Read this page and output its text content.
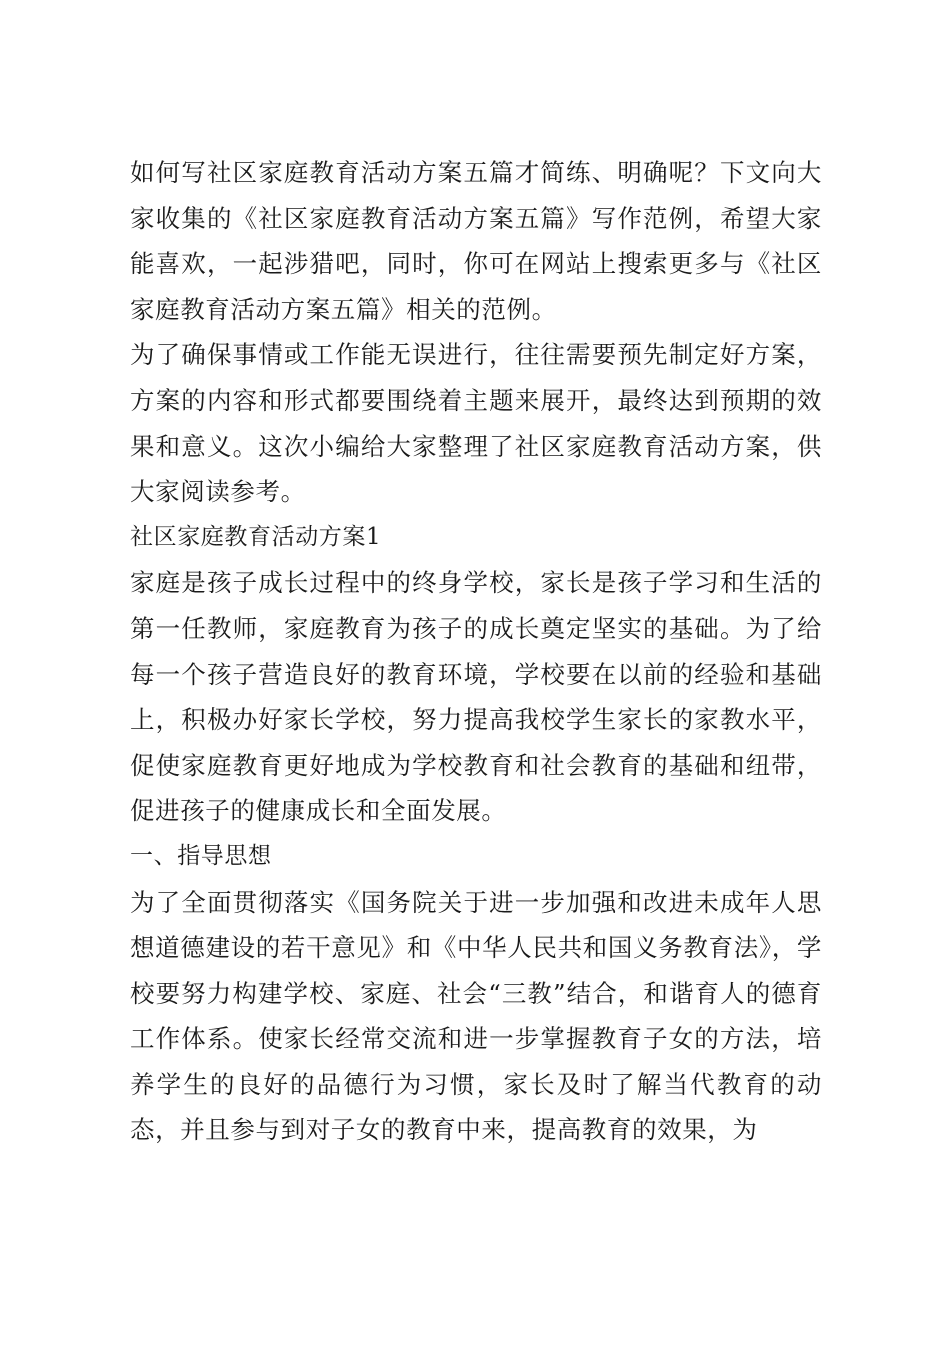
如何写社区家庭教育活动方案五篇才简练、明确呢？下文向大家收集的《社区家庭教育活动方案五篇》写作范例，希望大家能喜欢，一起涉猎吧，同时，你可在网站上搜索更多与《社区家庭教育活动方案五篇》相关的范例。

为了确保事情或工作能无误进行，往往需要预先制定好方案，方案的内容和形式都要围绕着主题来展开，最终达到预期的效果和意义。这次小编给大家整理了社区家庭教育活动方案，供大家阅读参考。

社区家庭教育活动方案1

家庭是孩子成长过程中的终身学校，家长是孩子学习和生活的第一任教师，家庭教育为孩子的成长奠定坚实的基础。为了给每一个孩子营造良好的教育环境，学校要在以前的经验和基础上，积极办好家长学校，努力提高我校学生家长的家教水平，促使家庭教育更好地成为学校教育和社会教育的基础和纽带，促进孩子的健康成长和全面发展。

一、指导思想

为了全面贯彻落实《国务院关于进一步加强和改进未成年人思想道德建设的若干意见》和《中华人民共和国义务教育法》，学校要努力构建学校、家庭、社会“三教”结合，和谐育人的德育工作体系。使家长经常交流和进一步掌握教育子女的方法，培养学生的良好的品德行为习惯，家长及时了解当代教育的动态，并且参与到对子女的教育中来，提高教育的效果，为
